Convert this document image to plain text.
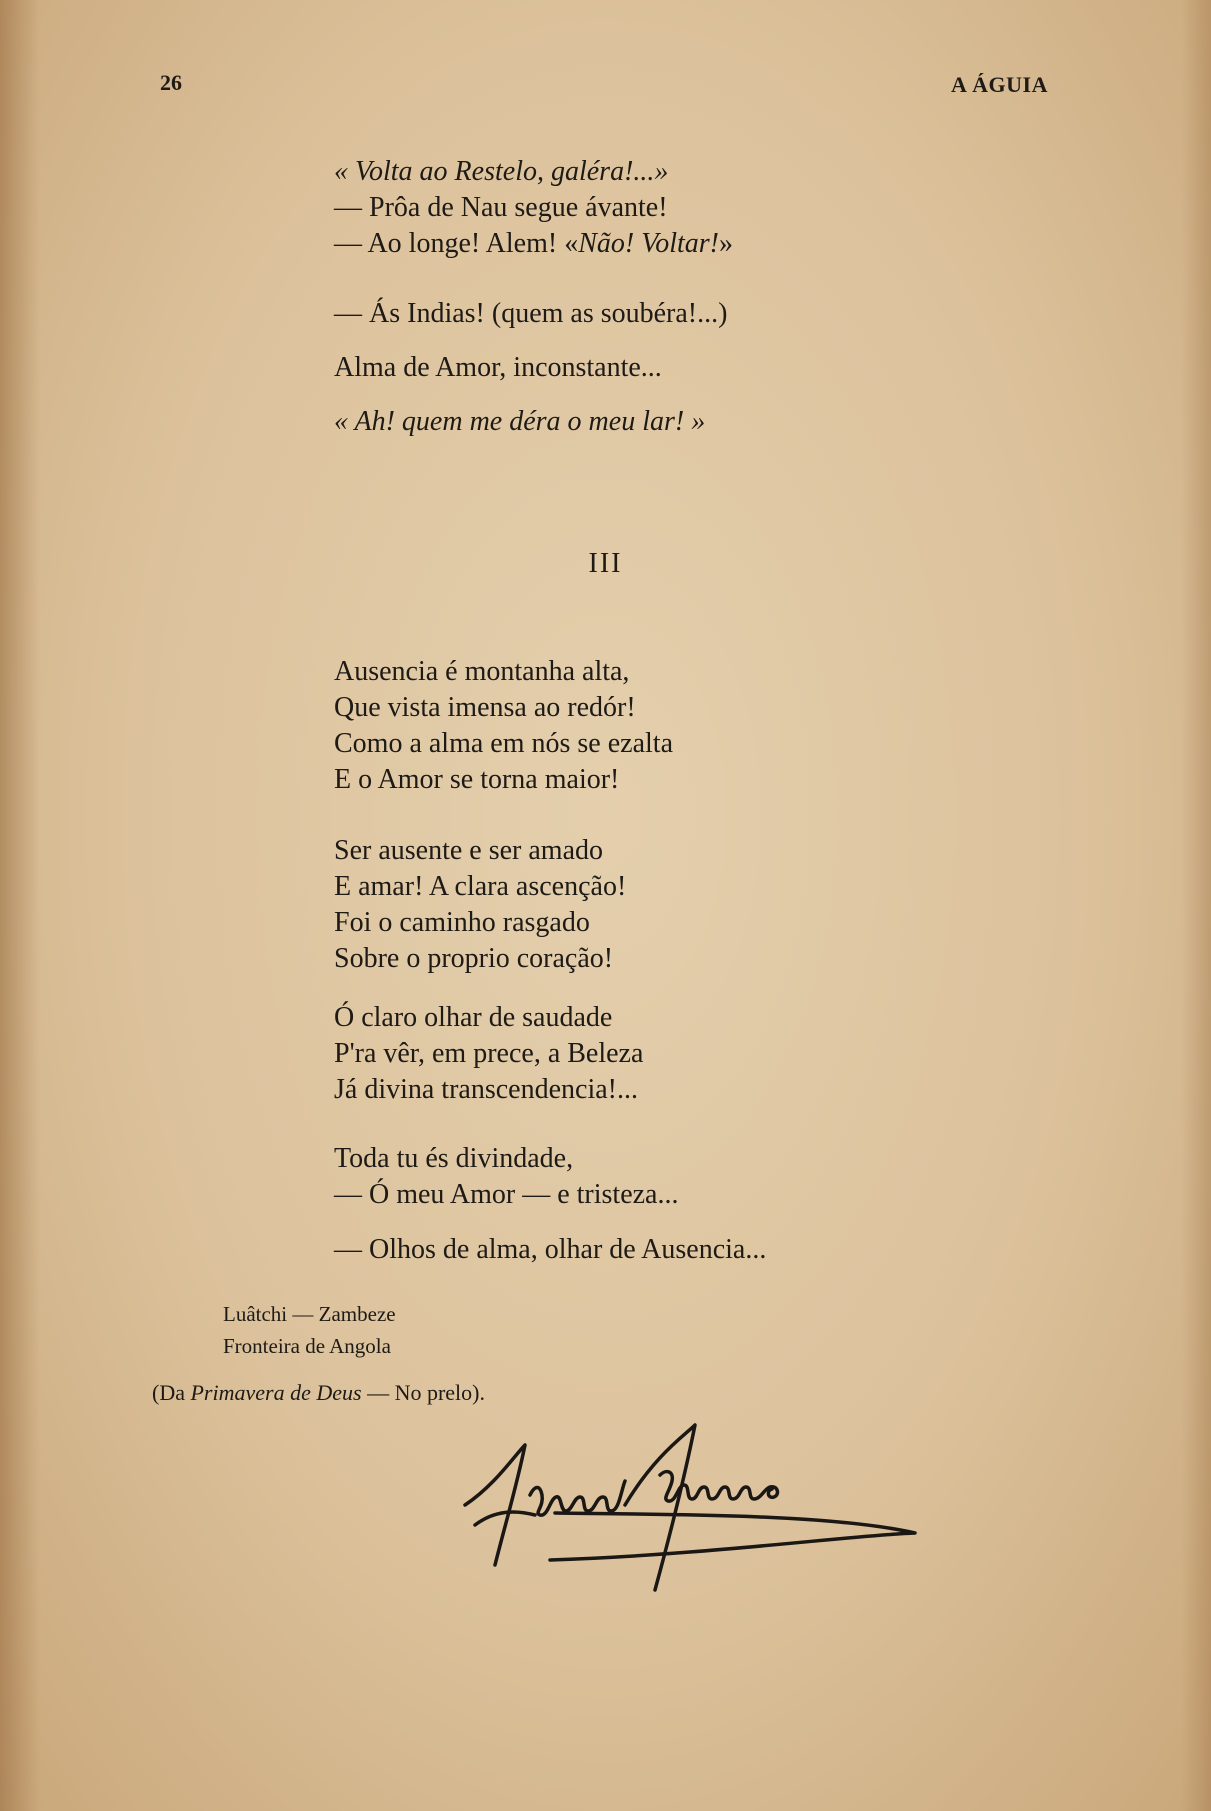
26	A ÁGUIA
« Volta ao Restelo, galéra!...»
— Prôa de Nau segue ávante!
— Ao longe! Alem! «Não! Voltar!»
— Ás Indias! (quem as soubéra!...)
Alma de Amor, inconstante...
« Ah! quem me déra o meu lar! »
III
Ausencia é montanha alta,
Que vista imensa ao redór!
Como a alma em nós se ezalta
E o Amor se torna maior!
Ser ausente e ser amado
E amar! A clara ascenção!
Foi o caminho rasgado
Sobre o proprio coração!
Ó claro olhar de saudade
P'ra vêr, em prece, a Beleza
Já divina transcendencia!...
Toda tu és divindade,
— Ó meu Amor — e tristeza...
— Olhos de alma, olhar de Ausencia...
Luâtchi — Zambeze
Fronteira de Angola
(Da Primavera de Deus — No prelo).
